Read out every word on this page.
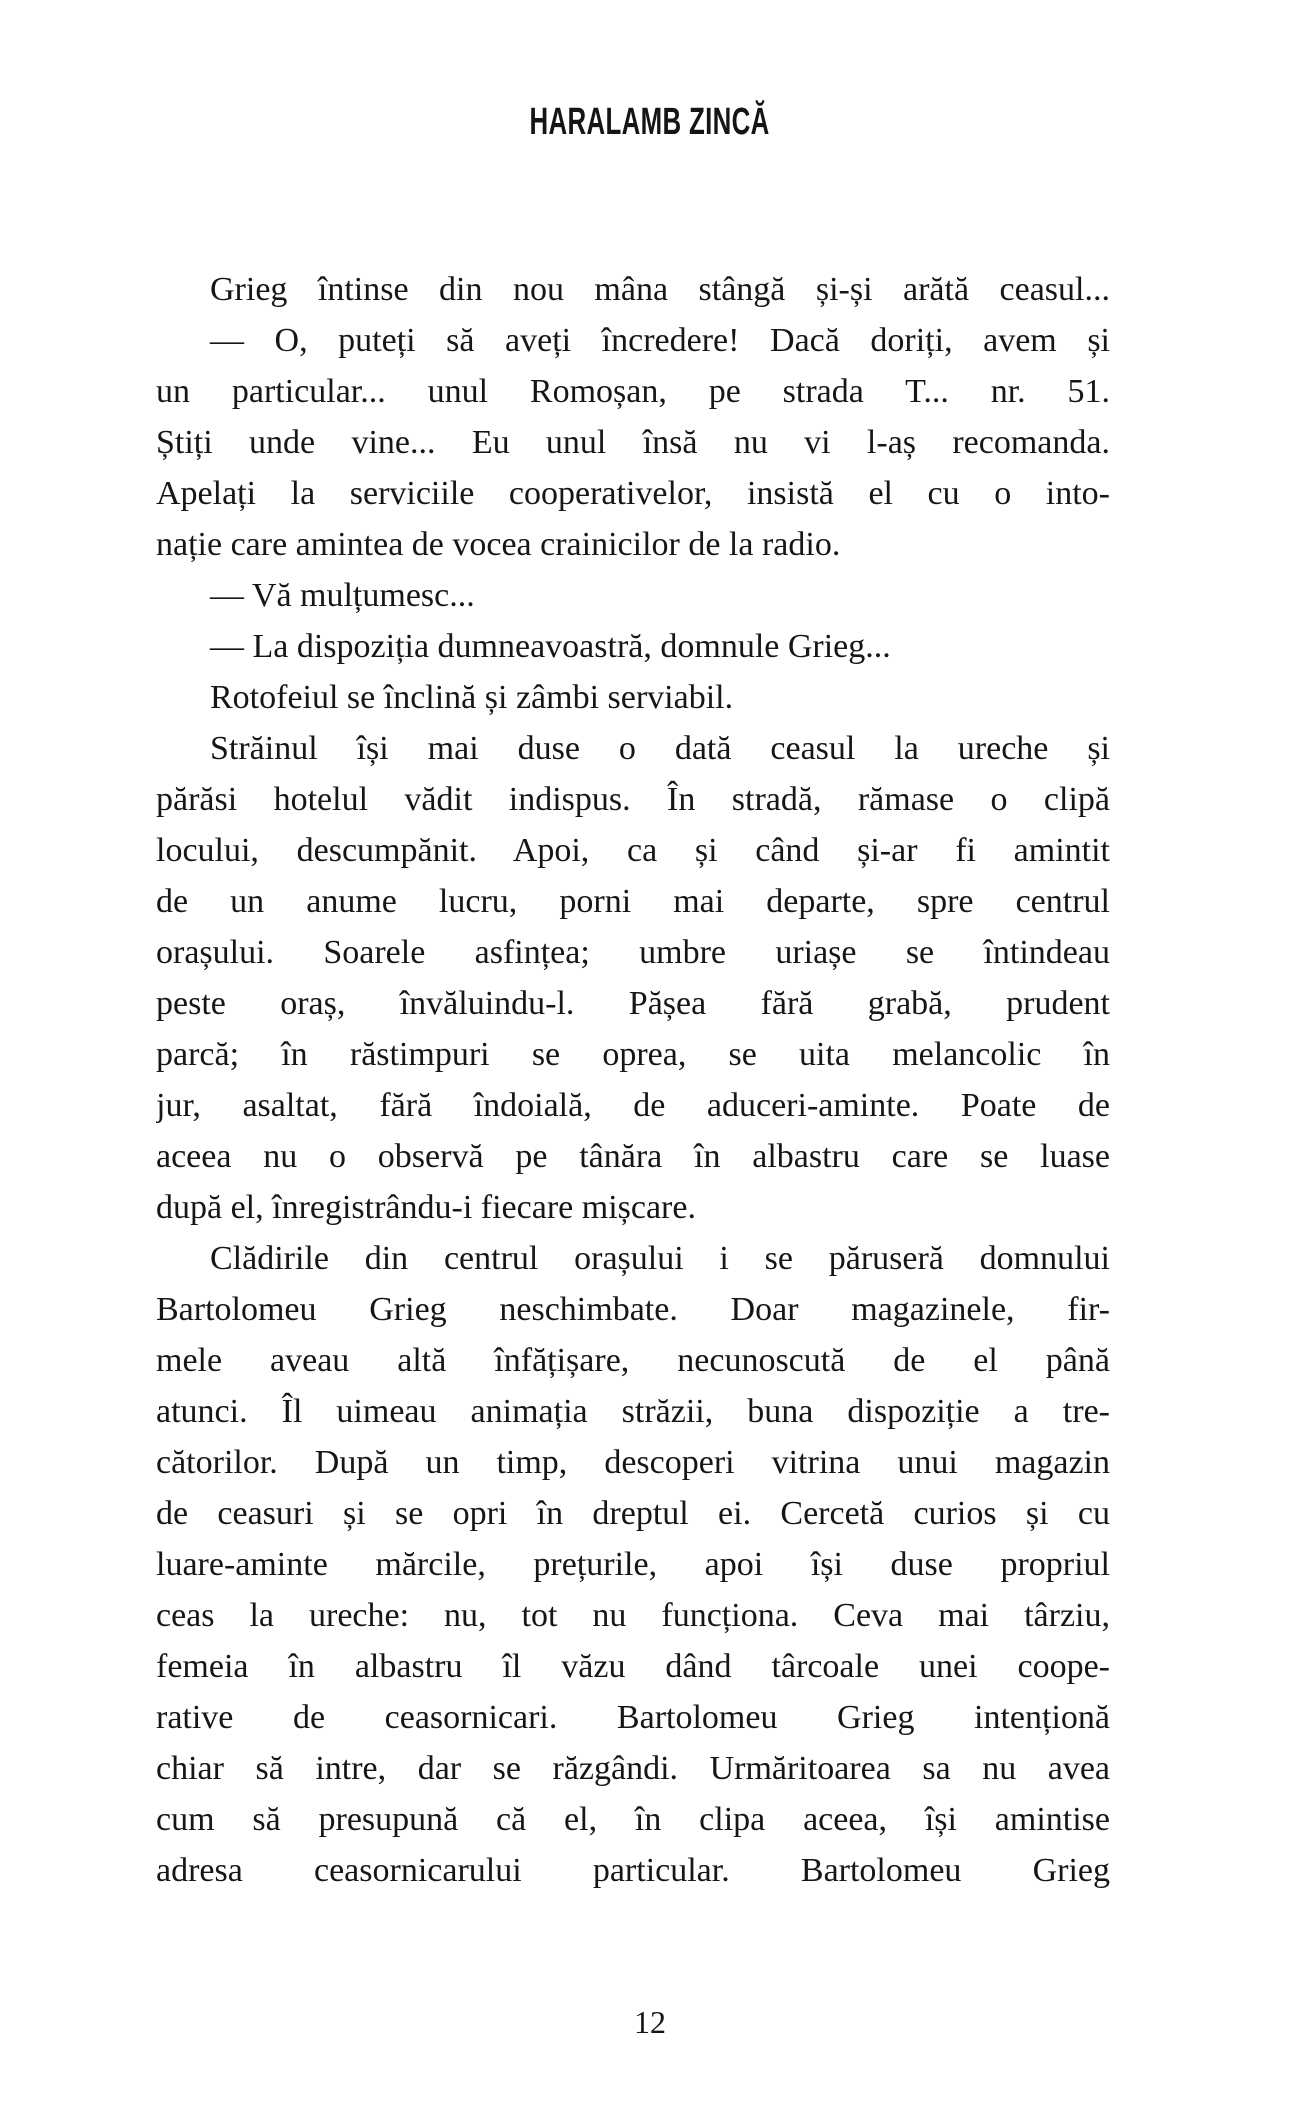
HARALAMB ZINCĂ
Grieg întinse din nou mâna stângă și-și arătă ceasul...
— O, puteți să aveți încredere! Dacă doriți, avem și
un particular... unul Romoșan, pe strada T... nr. 51.
Știți unde vine... Eu unul însă nu vi l-aș recomanda.
Apelați la serviciile cooperativelor, insistă el cu o into-
nație care amintea de vocea crainicilor de la radio.
— Vă mulțumesc...
— La dispoziția dumneavoastră, domnule Grieg...
Rotofeiul se înclină și zâmbi serviabil.
Străinul își mai duse o dată ceasul la ureche și
părăsi hotelul vădit indispus. În stradă, rămase o clipă
locului, descumpănit. Apoi, ca și când și-ar fi amintit
de un anume lucru, porni mai departe, spre centrul
orașului. Soarele asfințea; umbre uriașe se întindeau
peste oraș, învăluindu-l. Pășea fără grabă, prudent
parcă; în răstimpuri se oprea, se uita melancolic în
jur, asaltat, fără îndoială, de aduceri-aminte. Poate de
aceea nu o observă pe tânăra în albastru care se luase
după el, înregistrându-i fiecare mișcare.
Clădirile din centrul orașului i se păruseră domnului
Bartolomeu Grieg neschimbate. Doar magazinele, fir-
mele aveau altă înfățișare, necunoscută de el până
atunci. Îl uimeau animația străzii, buna dispoziție a tre-
cătorilor. După un timp, descoperi vitrina unui magazin
de ceasuri și se opri în dreptul ei. Cercetă curios și cu
luare-aminte mărcile, prețurile, apoi își duse propriul
ceas la ureche: nu, tot nu funcționa. Ceva mai târziu,
femeia în albastru îl văzu dând târcoale unei coope-
rative de ceasornicari. Bartolomeu Grieg intenționă
chiar să intre, dar se răzgândi. Urmăritoarea sa nu avea
cum să presupună că el, în clipa aceea, își amintise
adresa ceasornicarului particular. Bartolomeu Grieg
12
